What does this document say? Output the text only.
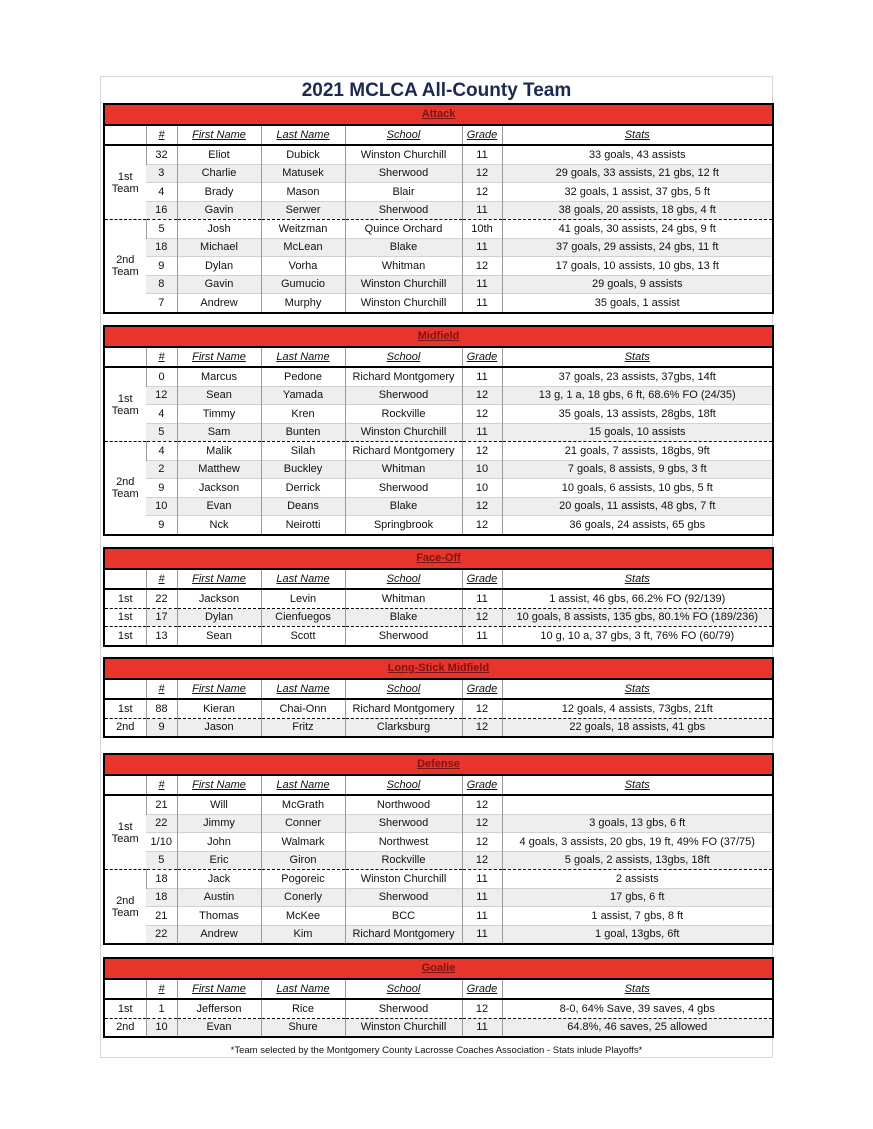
2021 MCLCA All-County Team
Attack
	#	First Name	Last Name	School	Grade	Stats
1st Team	32	Eliot	Dubick	Winston Churchill	11	33 goals, 43 assists
	3	Charlie	Matusek	Sherwood	12	29 goals, 33 assists, 21 gbs, 12 ft
	4	Brady	Mason	Blair	12	32 goals, 1 assist, 37 gbs, 5 ft
	16	Gavin	Serwer	Sherwood	11	38 goals, 20 assists, 18 gbs, 4 ft
2nd Team	5	Josh	Weitzman	Quince Orchard	10th	41 goals, 30 assists, 24 gbs, 9 ft
	18	Michael	McLean	Blake	11	37 goals, 29 assists, 24 gbs, 11 ft
	9	Dylan	Vorha	Whitman	12	17 goals, 10 assists, 10 gbs, 13 ft
	8	Gavin	Gumucio	Winston Churchill	11	29 goals, 9 assists
	7	Andrew	Murphy	Winston Churchill	11	35 goals, 1 assist
Midfield
	#	First Name	Last Name	School	Grade	Stats
1st Team	0	Marcus	Pedone	Richard Montgomery	11	37 goals, 23 assists, 37gbs, 14ft
	12	Sean	Yamada	Sherwood	12	13 g, 1 a, 18 gbs, 6 ft, 68.6% FO (24/35)
	4	Timmy	Kren	Rockville	12	35 goals, 13 assists, 28gbs, 18ft
	5	Sam	Bunten	Winston Churchill	11	15 goals, 10 assists
2nd Team	4	Malik	Silah	Richard Montgomery	12	21 goals, 7 assists, 18gbs, 9ft
	2	Matthew	Buckley	Whitman	10	7 goals, 8 assists, 9 gbs, 3 ft
	9	Jackson	Derrick	Sherwood	10	10 goals, 6 assists, 10 gbs, 5 ft
	10	Evan	Deans	Blake	12	20 goals, 11 assists, 48 gbs, 7 ft
	9	Nck	Neirotti	Springbrook	12	36 goals, 24 assists, 65 gbs
Face-Off
	#	First Name	Last Name	School	Grade	Stats
1st	22	Jackson	Levin	Whitman	11	1 assist, 46 gbs, 66.2% FO (92/139)
1st	17	Dylan	Cienfuegos	Blake	12	10 goals, 8 assists, 135 gbs, 80.1% FO (189/236)
1st	13	Sean	Scott	Sherwood	11	10 g, 10 a, 37 gbs, 3 ft, 76% FO (60/79)
Long-Stick Midfield
	#	First Name	Last Name	School	Grade	Stats
1st	88	Kieran	Chai-Onn	Richard Montgomery	12	12 goals, 4 assists, 73gbs, 21ft
2nd	9	Jason	Fritz	Clarksburg	12	22 goals, 18 assists, 41 gbs
Defense
	#	First Name	Last Name	School	Grade	Stats
1st Team	21	Will	McGrath	Northwood	12	
	22	Jimmy	Conner	Sherwood	12	3 goals, 13 gbs, 6 ft
	1/10	John	Walmark	Northwest	12	4 goals, 3 assists, 20 gbs, 19 ft, 49% FO (37/75)
	5	Eric	Giron	Rockville	12	5 goals, 2 assists, 13gbs, 18ft
2nd Team	18	Jack	Pogoreic	Winston Churchill	11	2 assists
	18	Austin	Conerly	Sherwood	11	17 gbs, 6 ft
	21	Thomas	McKee	BCC	11	1 assist, 7 gbs, 8 ft
	22	Andrew	Kim	Richard Montgomery	11	1 goal, 13gbs, 6ft
Goalie
	#	First Name	Last Name	School	Grade	Stats
1st	1	Jefferson	Rice	Sherwood	12	8-0, 64% Save, 39 saves, 4 gbs
2nd	10	Evan	Shure	Winston Churchill	11	64.8%, 46 saves, 25 allowed
*Team selected by the Montgomery County Lacrosse Coaches Association - Stats inlude Playoffs*
